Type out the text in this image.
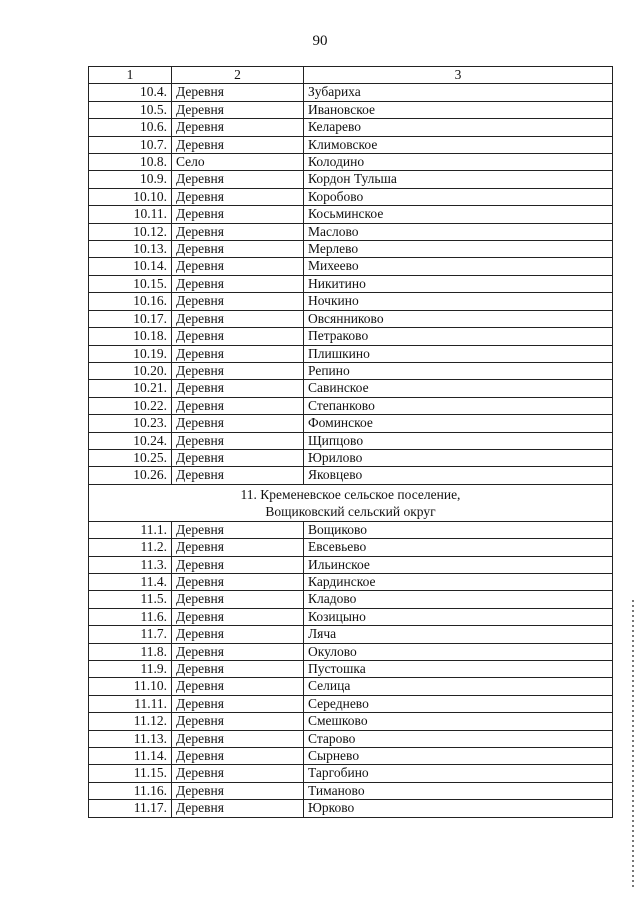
90
1	2	3
10.4.	Деревня	Зубариха
10.5.	Деревня	Ивановское
10.6.	Деревня	Келарево
10.7.	Деревня	Климовское
10.8.	Село	Колодино
10.9.	Деревня	Кордон Тульша
10.10.	Деревня	Коробово
10.11.	Деревня	Косьминское
10.12.	Деревня	Маслово
10.13.	Деревня	Мерлево
10.14.	Деревня	Михеево
10.15.	Деревня	Никитино
10.16.	Деревня	Ночкино
10.17.	Деревня	Овсянниково
10.18.	Деревня	Петраково
10.19.	Деревня	Плишкино
10.20.	Деревня	Репино
10.21.	Деревня	Савинское
10.22.	Деревня	Степанково
10.23.	Деревня	Фоминское
10.24.	Деревня	Щипцово
10.25.	Деревня	Юрилово
10.26.	Деревня	Яковцево

11. Кременевское сельское поселение,
Вощиковский сельский округ		

11.1.	Деревня	Вощиково
11.2.	Деревня	Евсевьево
11.3.	Деревня	Ильинское
11.4.	Деревня	Кардинское
11.5.	Деревня	Кладово
11.6.	Деревня	Козицыно
11.7.	Деревня	Ляча
11.8.	Деревня	Окулово
11.9.	Деревня	Пустошка
11.10.	Деревня	Селица
11.11.	Деревня	Середнево
11.12.	Деревня	Смешково
11.13.	Деревня	Старово
11.14.	Деревня	Сырнево
11.15.	Деревня	Таргобино
11.16.	Деревня	Тиманово
11.17.	Деревня	Юрково
